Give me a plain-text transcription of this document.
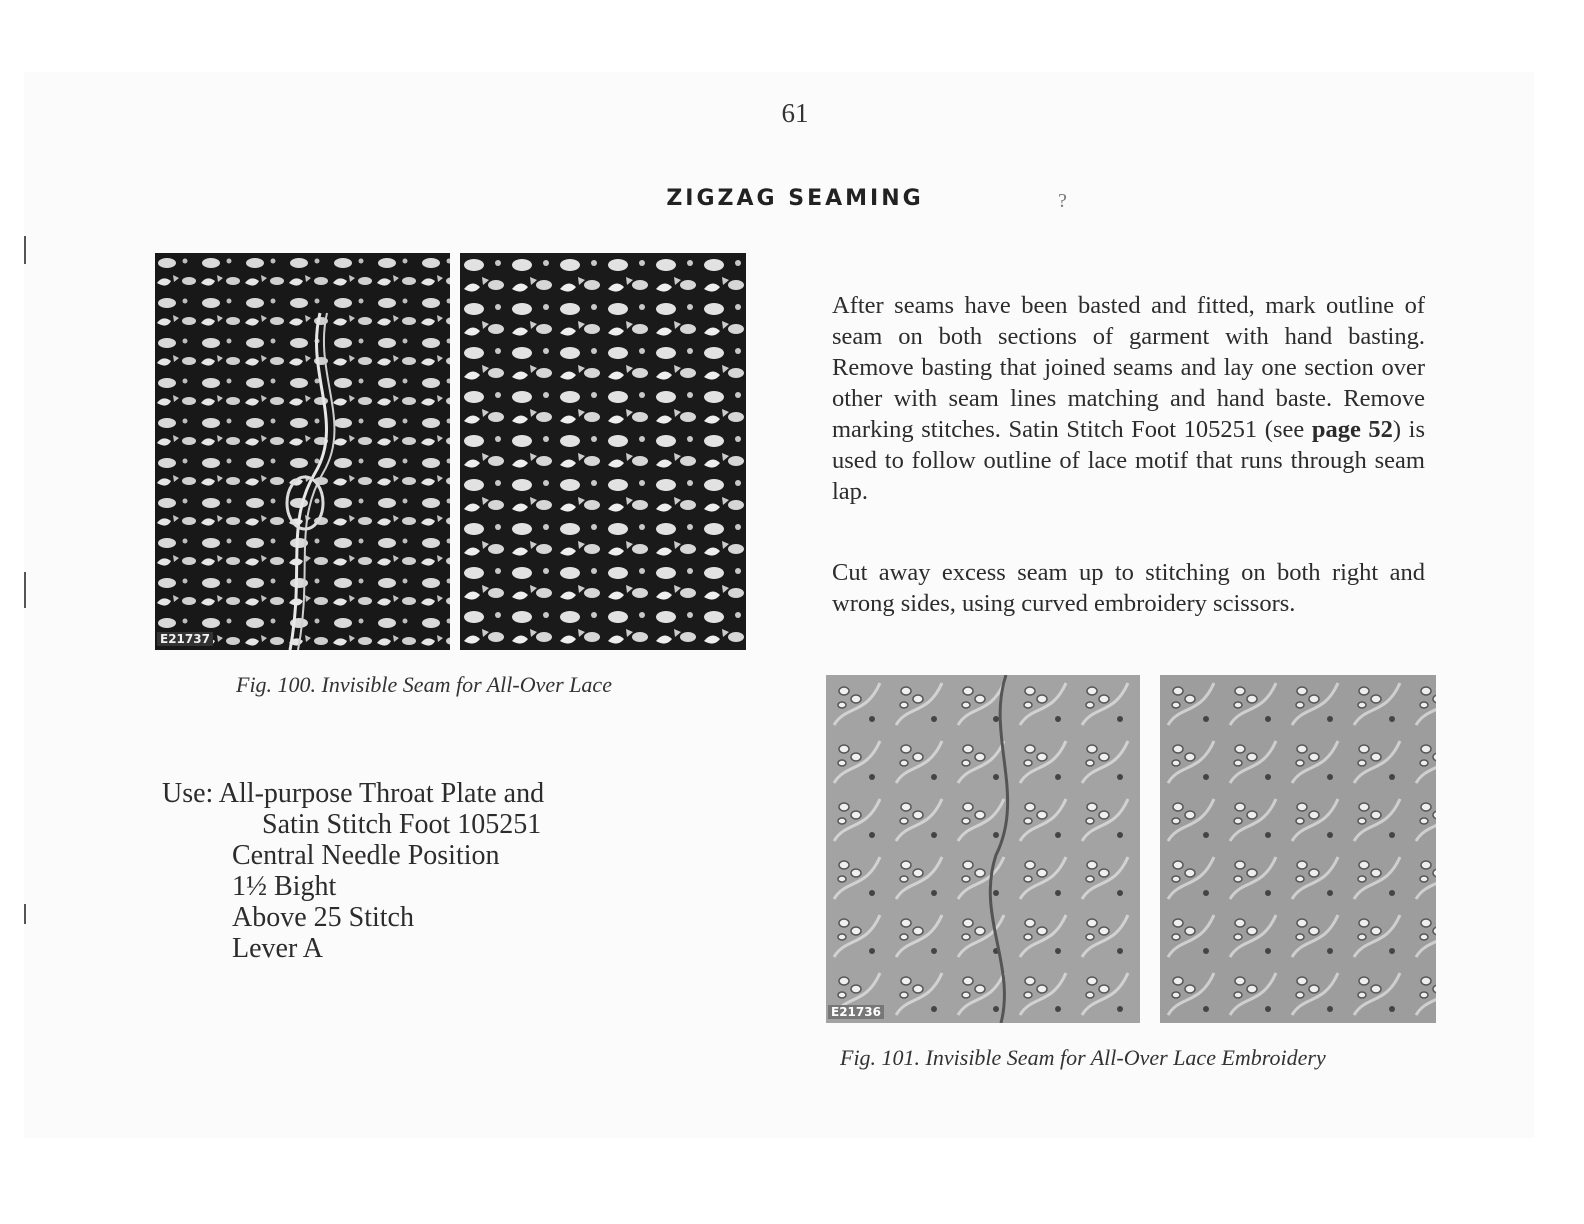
61
ZIGZAG SEAMING	?
E21737
Fig. 100. Invisible Seam for All-Over Lace

After seams have been basted and fitted, mark outline of seam on both sections of garment with hand basting. Remove basting that joined seams and lay one section over other with seam lines matching and hand baste. Remove marking stitches. Satin Stitch Foot 105251 (see page 52) is used to follow outline of lace motif that runs through seam lap.

Cut away excess seam up to stitching on both right and wrong sides, using curved embroidery scissors.

E21736
Fig. 101. Invisible Seam for All-Over Lace Embroidery
Use: All-purpose Throat Plate and
Satin Stitch Foot 105251
Central Needle Position
1½ Bight
Above 25 Stitch
Lever A
